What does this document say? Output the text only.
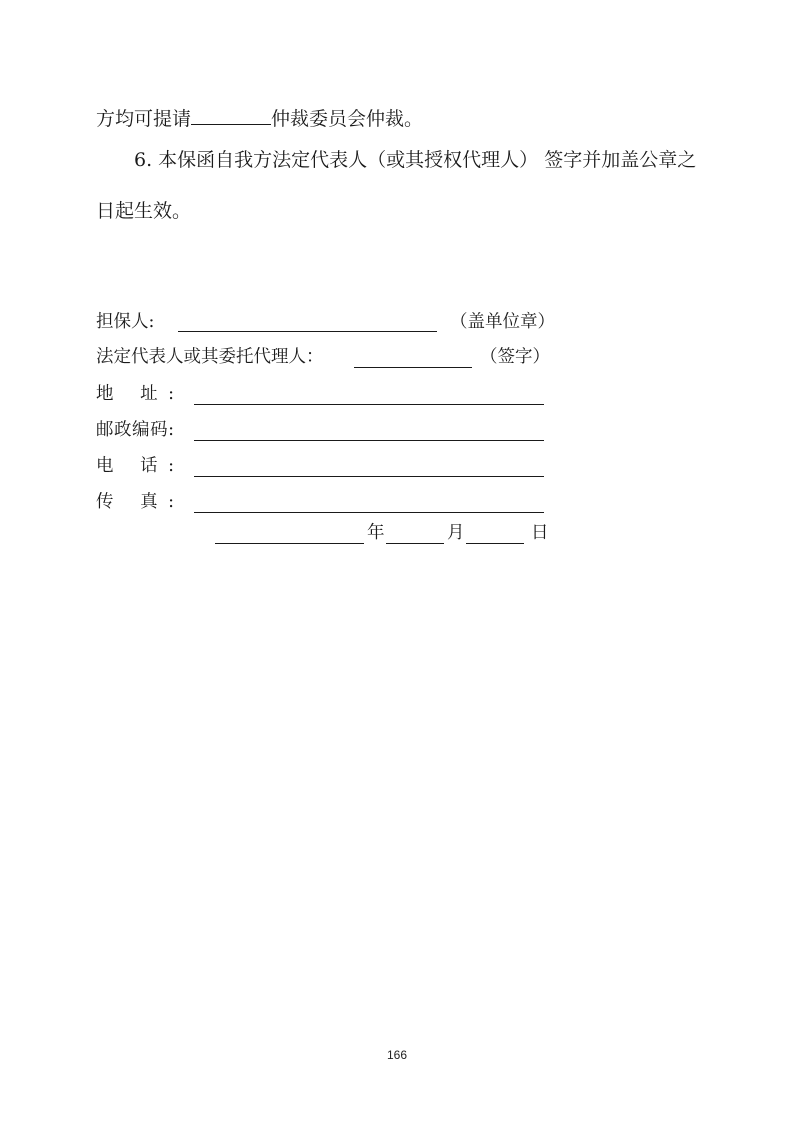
方均可提请	仲裁委员会仲裁。
6. 本保函自我方法定代表人（或其授权代理人） 签字并加盖公章之
日起生效。
担保人:	（盖单位章）
法定代表人或其委托代理人：	（签字）
地 址:
邮政编码:
电 话:
传 真:
年	月	日
166
